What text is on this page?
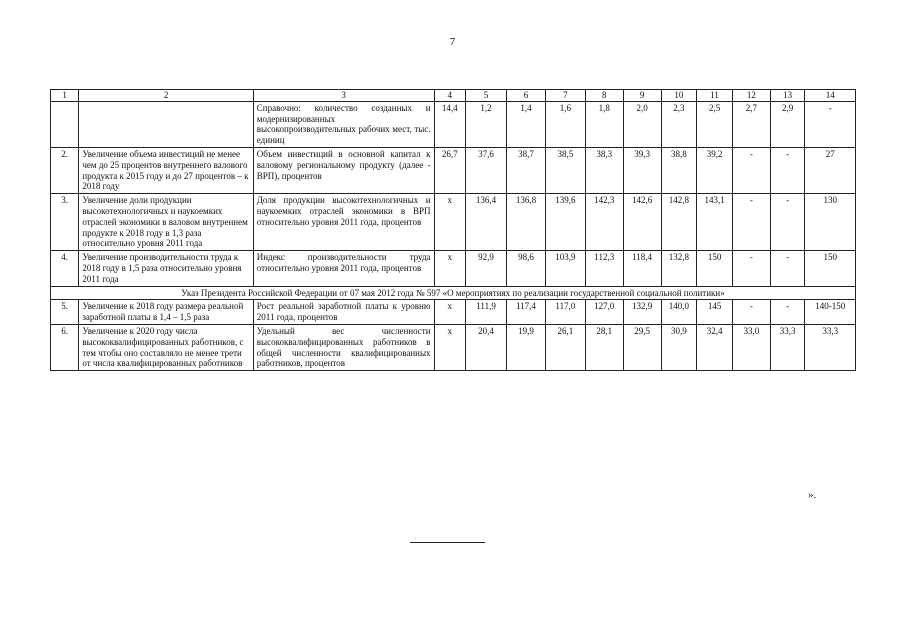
7
1	2	3	4	5	6	7	8	9	10	11	12	13	14
		Справочно: количество созданных и модернизированных высокопроизводительных рабочих мест, тыс. единиц	14,4	1,2	1,4	1,6	1,8	2,0	2,3	2,5	2,7	2,9	-
2.	Увеличение объема инвестиций не менее чем до 25 процентов внутреннего валового продукта к 2015 году и до 27 процентов – к 2018 году	Объем инвестиций в основной капитал к валовому региональному продукту (далее - ВРП), процентов	26,7	37,6	38,7	38,5	38,3	39,3	38,8	39,2	-	-	27
3.	Увеличение доли продукции высокотехнологичных и наукоемких отраслей экономики в валовом внутреннем продукте к 2018 году в 1,3 раза относительно уровня 2011 года	Доля продукции высокотехнологичных и наукоемких отраслей экономики в ВРП относительно уровня 2011 года, процентов	x	136,4	136,8	139,6	142,3	142,6	142,8	143,1	-	-	130
4.	Увеличение производительности труда к 2018 году в 1,5 раза относительно уровня 2011 года	Индекс производительности труда относительно уровня 2011 года, процентов	x	92,9	98,6	103,9	112,3	118,4	132,8	150	-	-	150
Указ Президента Российской Федерации от 07 мая 2012 года № 597 «О мероприятиях по реализации государственной социальной политики»													
5.	Увеличение к 2018 году размера реальной заработной платы в 1,4 – 1,5 раза	Рост реальной заработной платы к уровню 2011 года, процентов	x	111,9	117,4	117,0	127,0	132,9	140,0	145	-	-	140-150
6.	Увеличение к 2020 году числа высококвалифицированных работников, с тем чтобы оно составляло не менее трети от числа квалифицированных работников	Удельный вес численности высококвалифицированных работников в общей численности квалифицированных работников, процентов	x	20,4	19,9	26,1	28,1	29,5	30,9	32,4	33,0	33,3	33,3
».
